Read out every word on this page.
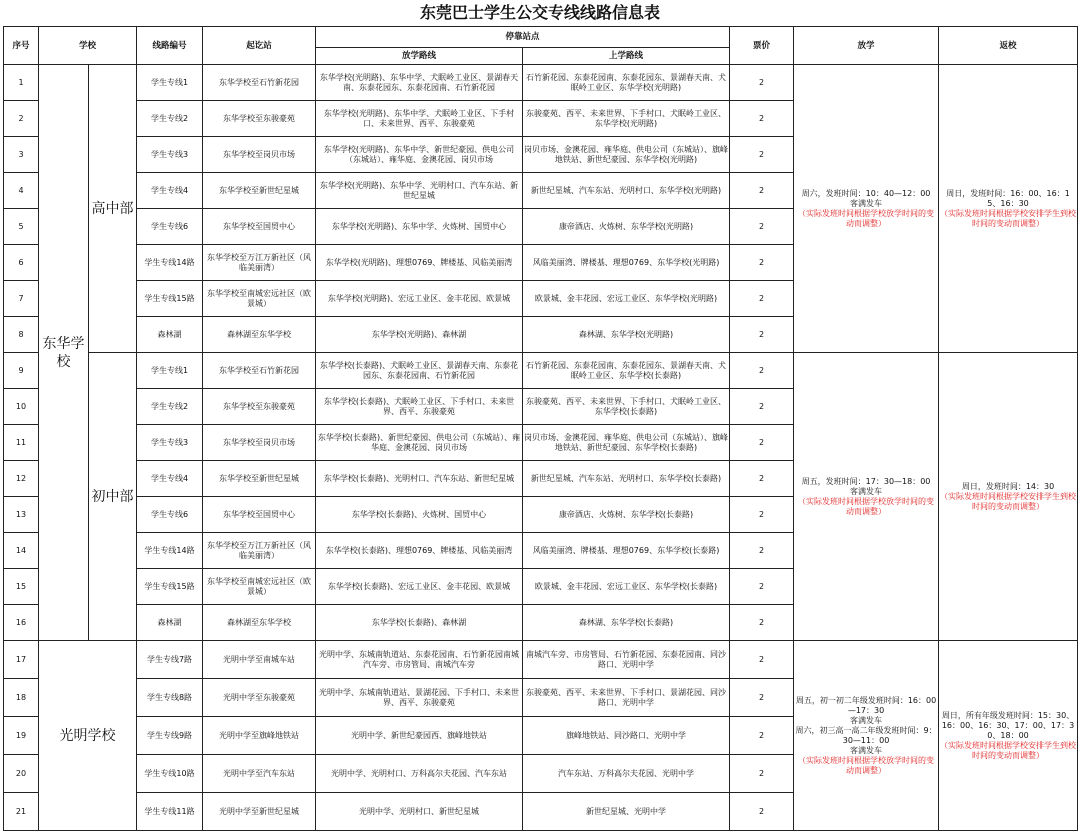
东莞巴士学生公交专线线路信息表
序号	学校		线路编号	起讫站	停靠站点		票价	放学	返校
					放学路线	上学路线			
1	东华学校	高中部	学生专线1	东华学校至石竹新花园	东华学校(光明路)、东华中学、犬眠岭工业区、景湖春天南、东泰花园东、东泰花园南、石竹新花园	石竹新花园、东泰花园南、东泰花园东、景湖春天南、犬眠岭工业区、东华学校(光明路)	2	周六，发班时间：10：40—12：00
客满发车
（实际发班时间根据学校放学时间的变动而调整）	周日，发班时间：16：00、16：15、16：30
（实际发班时间根据学校安排学生到校时间的变动而调整）

2			学生专线2	东华学校至东骏豪苑	东华学校(光明路)、东华中学、犬眠岭工业区、下手村口、未来世界、西平、东骏豪苑	东骏豪苑、西平、未来世界、下手村口、犬眠岭工业区、东华学校(光明路)	2		
3			学生专线3	东华学校至岗贝市场	东华学校(光明路)、东华中学、新世纪豪园、供电公司（东城站）、雍华庭、金澳花园、岗贝市场	岗贝市场、金澳花园、雍华庭、供电公司（东城站）、旗峰地铁站、新世纪豪园、东华学校(光明路)	2		
4			学生专线4	东华学校至新世纪星城	东华学校(光明路)、东华中学、光明村口、汽车东站、新世纪星城	新世纪星城、汽车东站、光明村口、东华学校(光明路)	2		
5			学生专线6	东华学校至国贸中心	东华学校(光明路)、东华中学、火炼树、国贸中心	康帝酒店、火炼树、东华学校(光明路)	2		
6			学生专线14路	东华学校至万江万新社区（风临美丽湾）	东华学校(光明路)、理想0769、牌楼基、风临美丽湾	风临美丽湾、牌楼基、理想0769、东华学校(光明路)	2		
7			学生专线15路	东华学校至南城宏远社区（欧景城）	东华学校(光明路)、宏远工业区、金丰花园、欧景城	欧景城、金丰花园、宏远工业区、东华学校(光明路)	2		
8			森林湖	森林湖至东华学校	东华学校(光明路)、森林湖	森林湖、东华学校(光明路)	2		
9		初中部	学生专线1	东华学校至石竹新花园	东华学校(长泰路)、犬眠岭工业区、景湖春天南、东泰花园东、东泰花园南、石竹新花园	石竹新花园、东泰花园南、东泰花园东、景湖春天南、犬眠岭工业区、东华学校(长泰路)	2	周五，发班时间：17：30—18：00
客满发车
（实际发班时间根据学校放学时间的变动而调整）	周日，发班时间：14：30
（实际发班时间根据学校安排学生到校时间的变动而调整）

10			学生专线2	东华学校至东骏豪苑	东华学校(长泰路)、犬眠岭工业区、下手村口、未来世界、西平、东骏豪苑	东骏豪苑、西平、未来世界、下手村口、犬眠岭工业区、东华学校(长泰路)	2		
11			学生专线3	东华学校至岗贝市场	东华学校(长泰路)、新世纪豪园、供电公司（东城站）、雍华庭、金澳花园、岗贝市场	岗贝市场、金澳花园、雍华庭、供电公司（东城站）、旗峰地铁站、新世纪豪园、东华学校(长泰路)	2		
12			学生专线4	东华学校至新世纪星城	东华学校(长泰路)、光明村口、汽车东站、新世纪星城	新世纪星城、汽车东站、光明村口、东华学校(长泰路)	2		
13			学生专线6	东华学校至国贸中心	东华学校(长泰路)、火炼树、国贸中心	康帝酒店、火炼树、东华学校(长泰路)	2		
14			学生专线14路	东华学校至万江万新社区（风临美丽湾）	东华学校(长泰路)、理想0769、牌楼基、风临美丽湾	风临美丽湾、牌楼基、理想0769、东华学校(长泰路)	2		
15			学生专线15路	东华学校至南城宏远社区（欧景城）	东华学校(长泰路)、宏远工业区、金丰花园、欧景城	欧景城、金丰花园、宏远工业区、东华学校(长泰路)	2		
16			森林湖	森林湖至东华学校	东华学校(长泰路)、森林湖	森林湖、东华学校(长泰路)	2		
17	光明学校		学生专线7路	光明中学至南城车站	光明中学、东城南轨道站、东泰花园南、石竹新花园南城汽车旁、市房管局、南城汽车旁	南城汽车旁、市房管局、石竹新花园、东泰花园南、同沙路口、光明中学	2	周五，初一初二年级发班时间：16：00—17：30
客满发车
周六，初三高一高二年级发班时间：9：30—11：00
客满发车
（实际发班时间根据学校放学时间的变动而调整）	周日，所有年级发班时间：15：30、16：00、16：30、17：00、17：30、18：00
（实际发班时间根据学校安排学生到校时间的变动而调整）

18			学生专线8路	光明中学至东骏豪苑	光明中学、东城南轨道站、景湖花园、下手村口、未来世界、西平、东骏豪苑	东骏豪苑、西平、未来世界、下手村口、景湖花园、同沙路口、光明中学	2		
19			学生专线9路	光明中学至旗峰地铁站	光明中学、新世纪豪园西、旗峰地铁站	旗峰地铁站、同沙路口、光明中学	2		
20			学生专线10路	光明中学至汽车东站	光明中学、光明村口、万科高尔夫花园、汽车东站	汽车东站、万科高尔夫花园、光明中学	2		
21			学生专线11路	光明中学至新世纪星城	光明中学、光明村口、新世纪星城	新世纪星城、光明中学	2		
